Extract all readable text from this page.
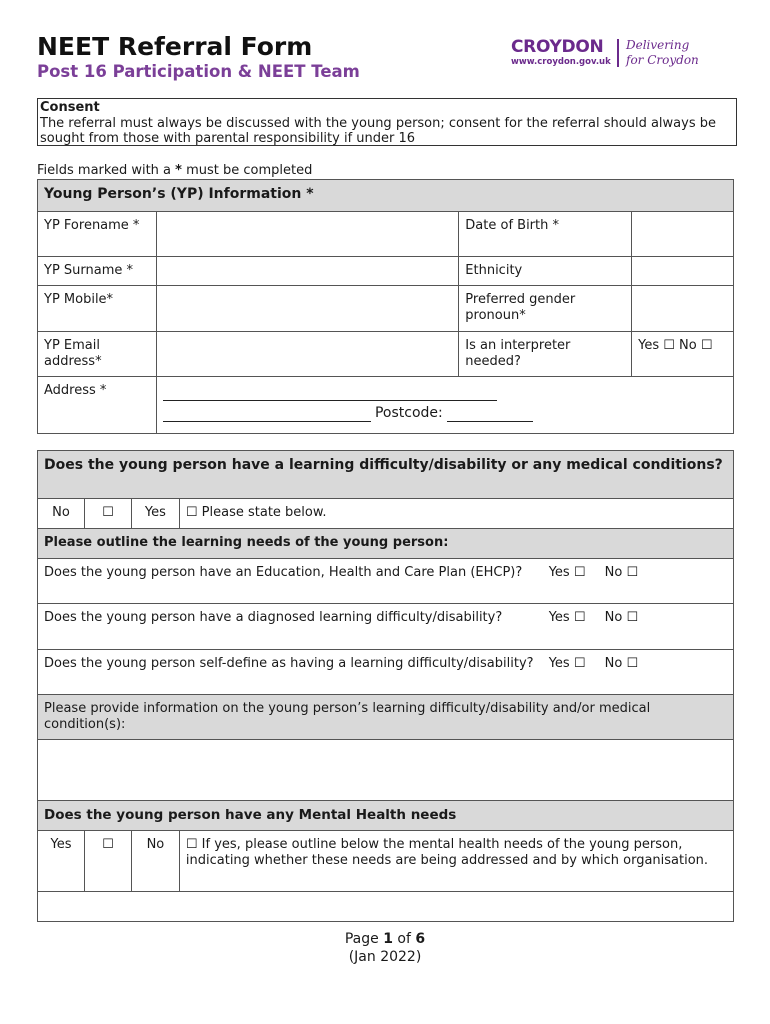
NEET Referral Form
Post 16 Participation & NEET Team
CROYDON
www.croydon.gov.uk
Delivering
for Croydon
Consent
The referral must always be discussed with the young person; consent for the referral should always be sought from those with parental responsibility if under 16
Fields marked with a * must be completed
Young Person’s (YP) Information *			
YP Forename *		Date of Birth *	
YP Surname *		Ethnicity	
YP Mobile*		Preferred gender pronoun*	
YP Email address*		Is an interpreter needed?	Yes ☐ No ☐
Address *	Postcode:		
Does the young person have a learning difficulty/disability or any medical conditions?					
No	☐	Yes	☐ Please state below.		
Please outline the learning needs of the young person:					
Does the young person have an Education, Health and Care Plan (EHCP)?				Yes ☐	No ☐
Does the young person have a diagnosed learning difficulty/disability?				Yes ☐	No ☐
Does the young person self-define as having a learning difficulty/disability?				Yes ☐	No ☐
Please provide information on the young person’s learning difficulty/disability and/or medical condition(s):					

Does the young person have any Mental Health needs					
Yes	☐	No	☐ If yes, please outline below the mental health needs of the young person, indicating whether these needs are being addressed and by which organisation.		

Page 1 of 6
(Jan 2022)
